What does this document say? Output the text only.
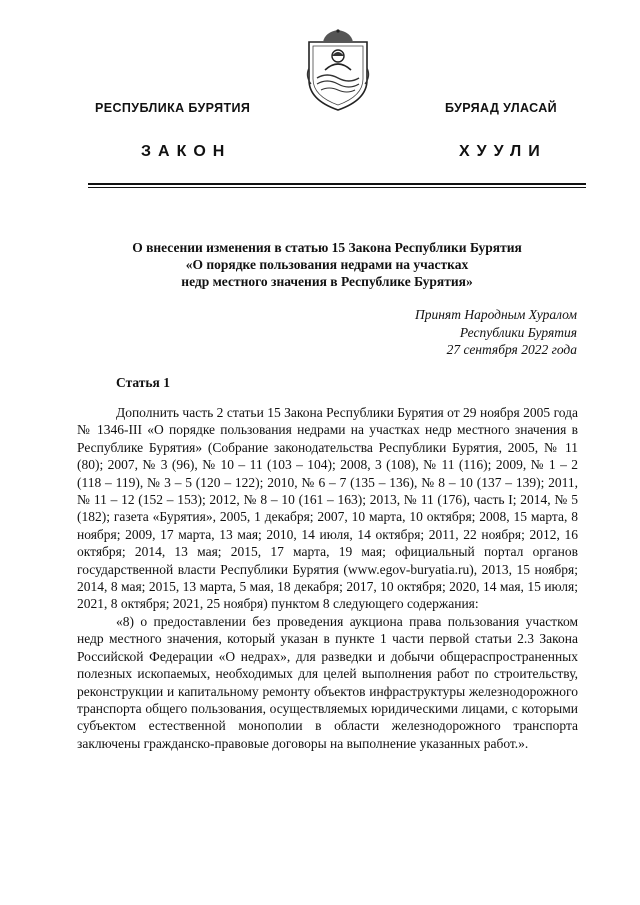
РЕСПУБЛИКА БУРЯТИЯ	БУРЯАД УЛАСАЙ
ЗАКОН	ХУУЛИ
О внесении изменения в статью 15 Закона Республики Бурятия
«О порядке пользования недрами на участках
недр местного значения в Республике Бурятия»
Принят Народным Хуралом
Республики Бурятия
27 сентября 2022 года
Статья 1

Дополнить часть 2 статьи 15 Закона Республики Бурятия от 29 ноября 2005 года № 1346-III «О порядке пользования недрами на участках недр местного значения в Республике Бурятия» (Собрание законодательства Республики Бурятия, 2005, № 11 (80); 2007, № 3 (96), № 10 – 11 (103 – 104); 2008, 3 (108), № 11 (116); 2009, № 1 – 2 (118 – 119), № 3 – 5 (120 – 122); 2010, № 6 – 7 (135 – 136), № 8 – 10 (137 – 139); 2011, № 11 – 12 (152 – 153); 2012, № 8 – 10 (161 – 163); 2013, № 11 (176), часть I; 2014, № 5 (182); газета «Бурятия», 2005, 1 декабря; 2007, 10 марта, 10 октября; 2008, 15 марта, 8 ноября; 2009, 17 марта, 13 мая; 2010, 14 июля, 14 октября; 2011, 22 ноября; 2012, 16 октября; 2014, 13 мая; 2015, 17 марта, 19 мая; официальный портал органов государственной власти Республики Бурятия (www.egov-buryatia.ru), 2013, 15 ноября; 2014, 8 мая; 2015, 13 марта, 5 мая, 18 декабря; 2017, 10 октября; 2020, 14 мая, 15 июля; 2021, 8 октября; 2021, 25 ноября) пунктом 8 следующего содержания:

«8) о предоставлении без проведения аукциона права пользования участком недр местного значения, который указан в пункте 1 части первой статьи 2.3 Закона Российской Федерации «О недрах», для разведки и добычи общераспространенных полезных ископаемых, необходимых для целей выполнения работ по строительству, реконструкции и капитальному ремонту объектов инфраструктуры железнодорожного транспорта общего пользования, осуществляемых юридическими лицами, с которыми субъектом естественной монополии в области железнодорожного транспорта заключены гражданско-правовые договоры на выполнение указанных работ.».
